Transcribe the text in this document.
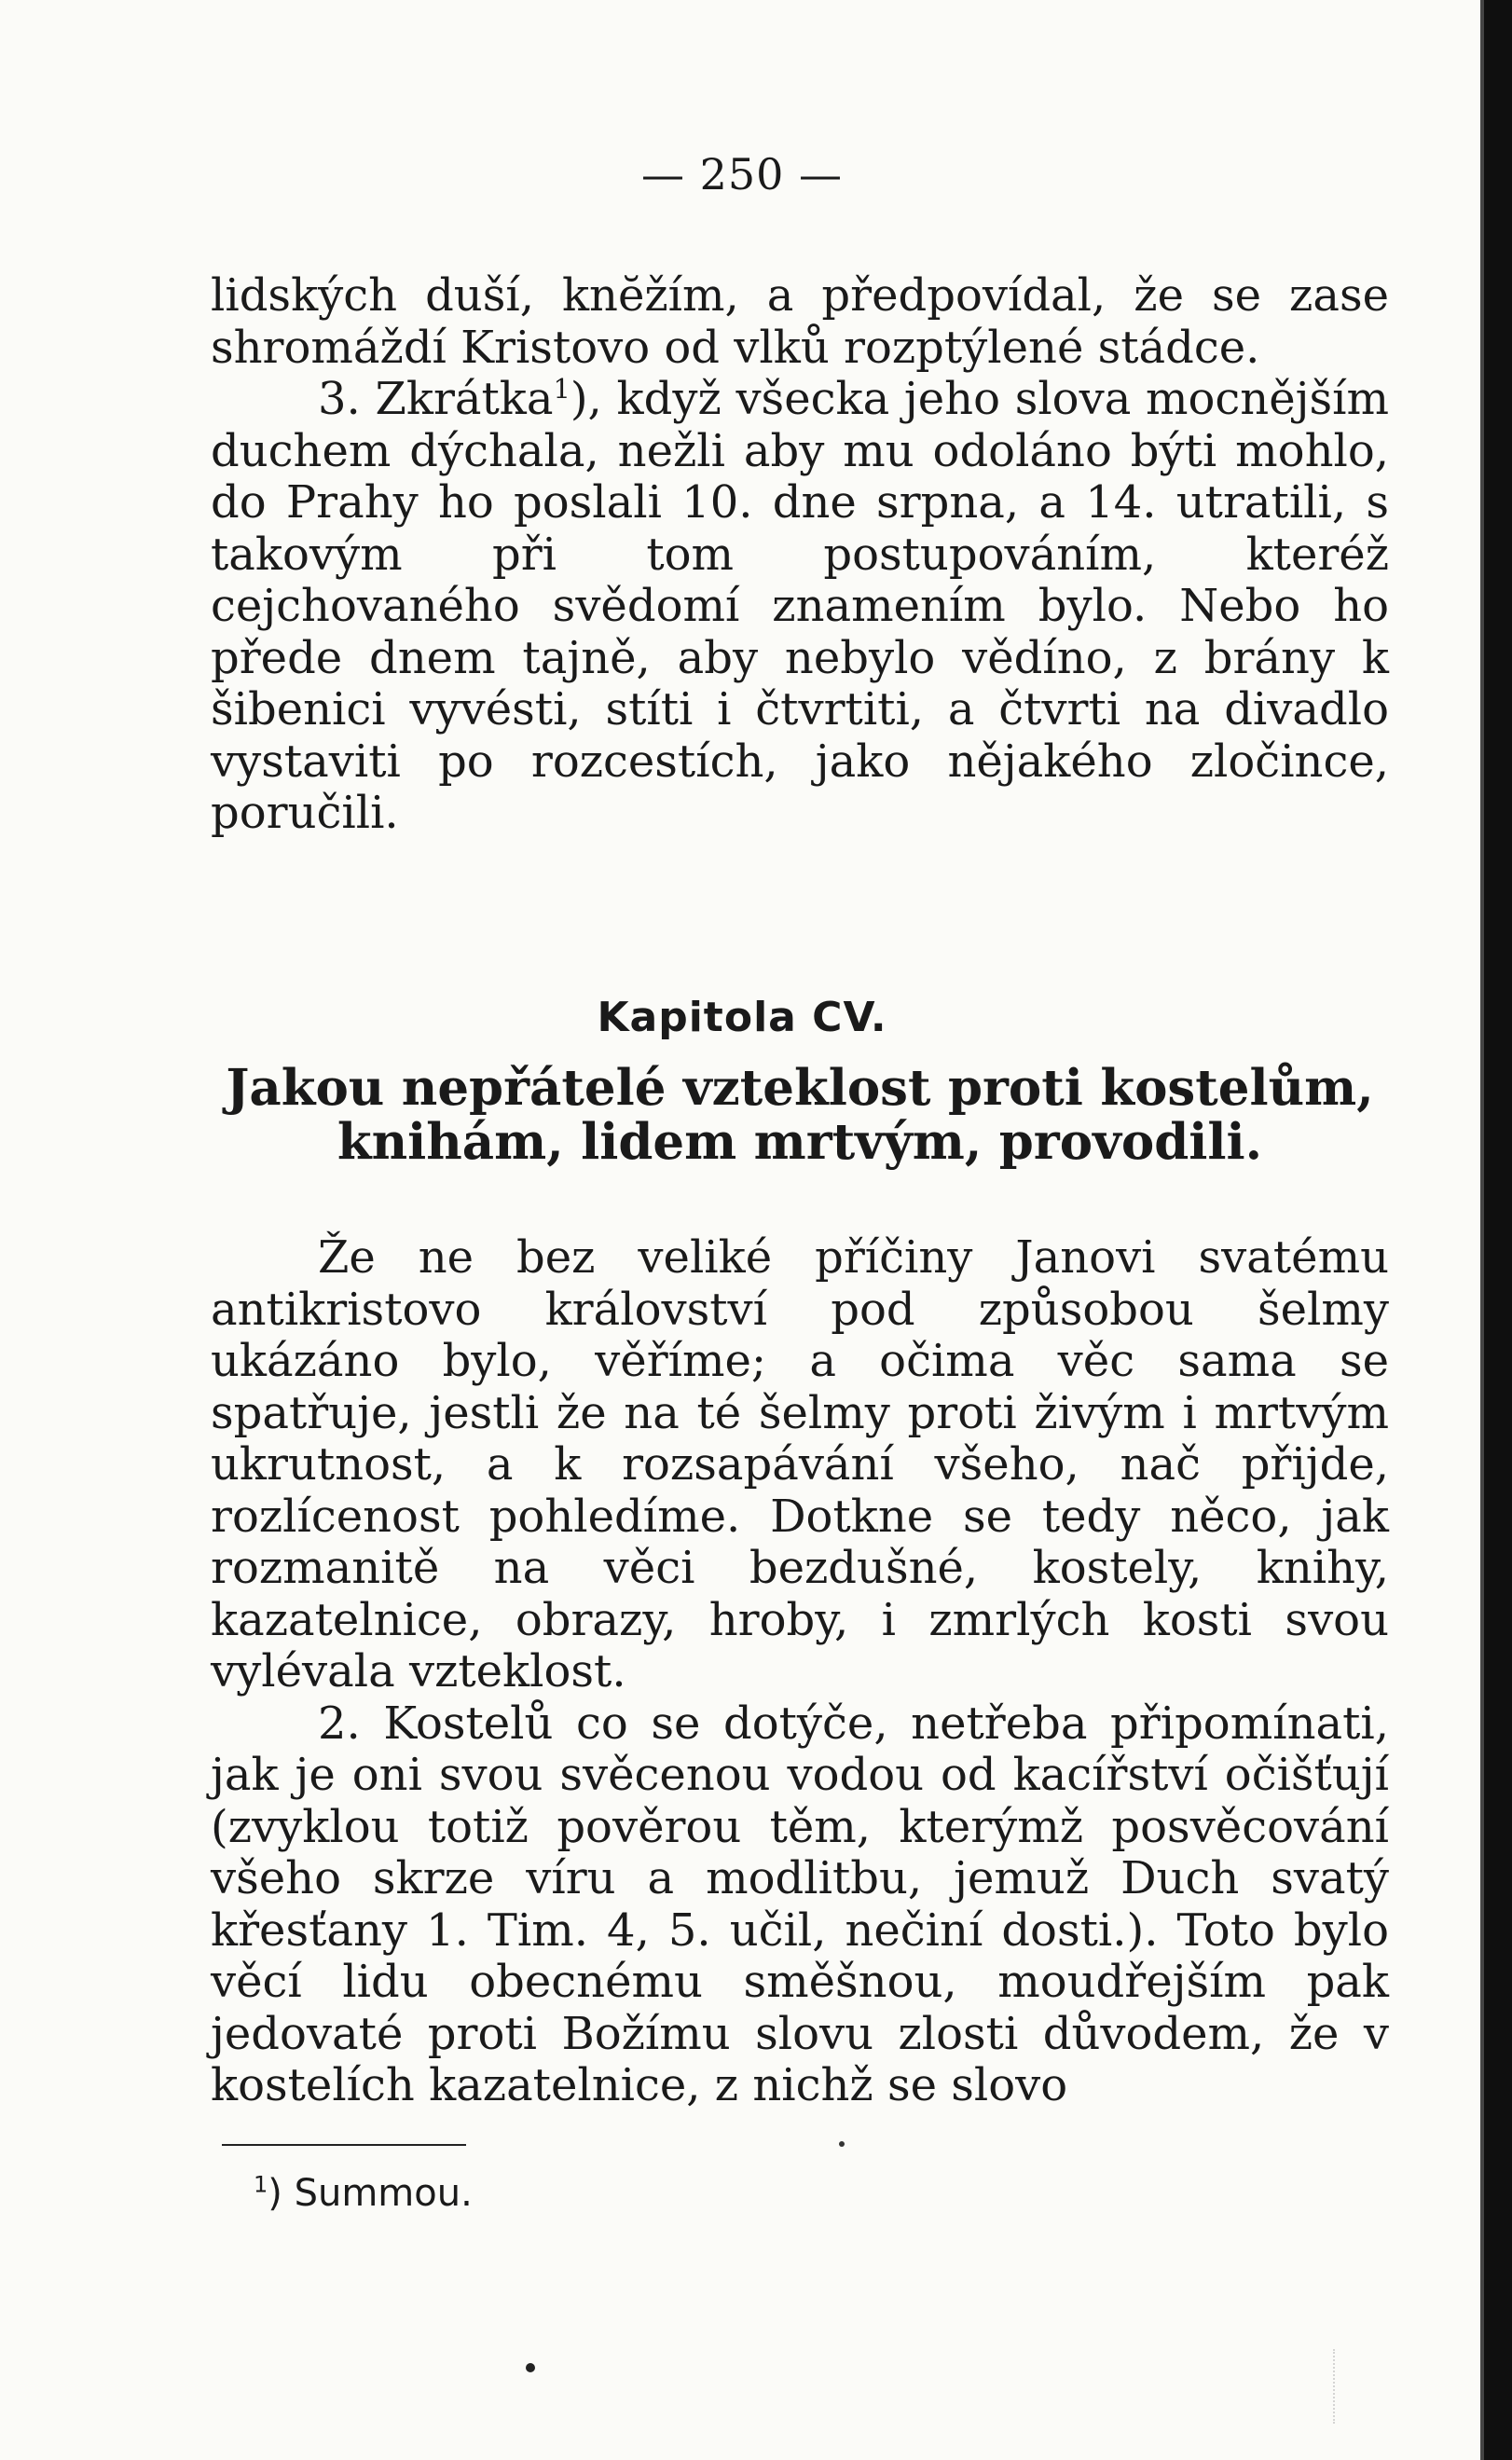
— 250 —

lidských duší, knĕžím, a předpovídal, že se zase shromáždí Kristovo od vlků rozptýlené stádce.

3. Zkrátka$^1$), když všecka jeho slova mocnějším duchem dýchala, nežli aby mu odoláno býti mohlo, do Prahy ho poslali 10. dne srpna, a 14. utratili, s takovým při tom postupováním, kteréž cejchovaného svědomí znamením bylo. Nebo ho přede dnem tajně, aby nebylo vědíno, z brány k šibenici vyvésti, stíti i čtvrtiti, a čtvrti na divadlo vystaviti po rozcestích, jako nějakého zločince, poručili.

Kapitola CV.
Jakou nepřátelé vzteklost proti kostelům, knihám, lidem mrtvým, provodili.

Že ne bez veliké příčiny Janovi svatému antikristovo království pod způsobou šelmy ukázáno bylo, věříme; a očima věc sama se spatřuje, jestli že na té šelmy proti živým i mrtvým ukrutnost, a k rozsapávání všeho, nač přijde, rozlícenost pohledíme. Dotkne se tedy něco, jak rozmanitě na věci bezdušné, kostely, knihy, kazatelnice, obrazy, hroby, i zmrlých kosti svou vylévala vzteklost.

2. Kostelů co se dotýče, netřeba připomínati, jak je oni svou svěcenou vodou od kacířství očišťují (zvyklou totiž pověrou těm, kterýmž posvěcování všeho skrze víru a modlitbu, jemuž Duch svatý křesťany 1. Tim. 4, 5. učil, nečiní dosti.). Toto bylo věcí lidu obecnému směšnou, moudřejším pak jedovaté proti Božímu slovu zlosti důvodem, že v kostelích kazatelnice, z nichž se slovo

$^1$) Summou.
